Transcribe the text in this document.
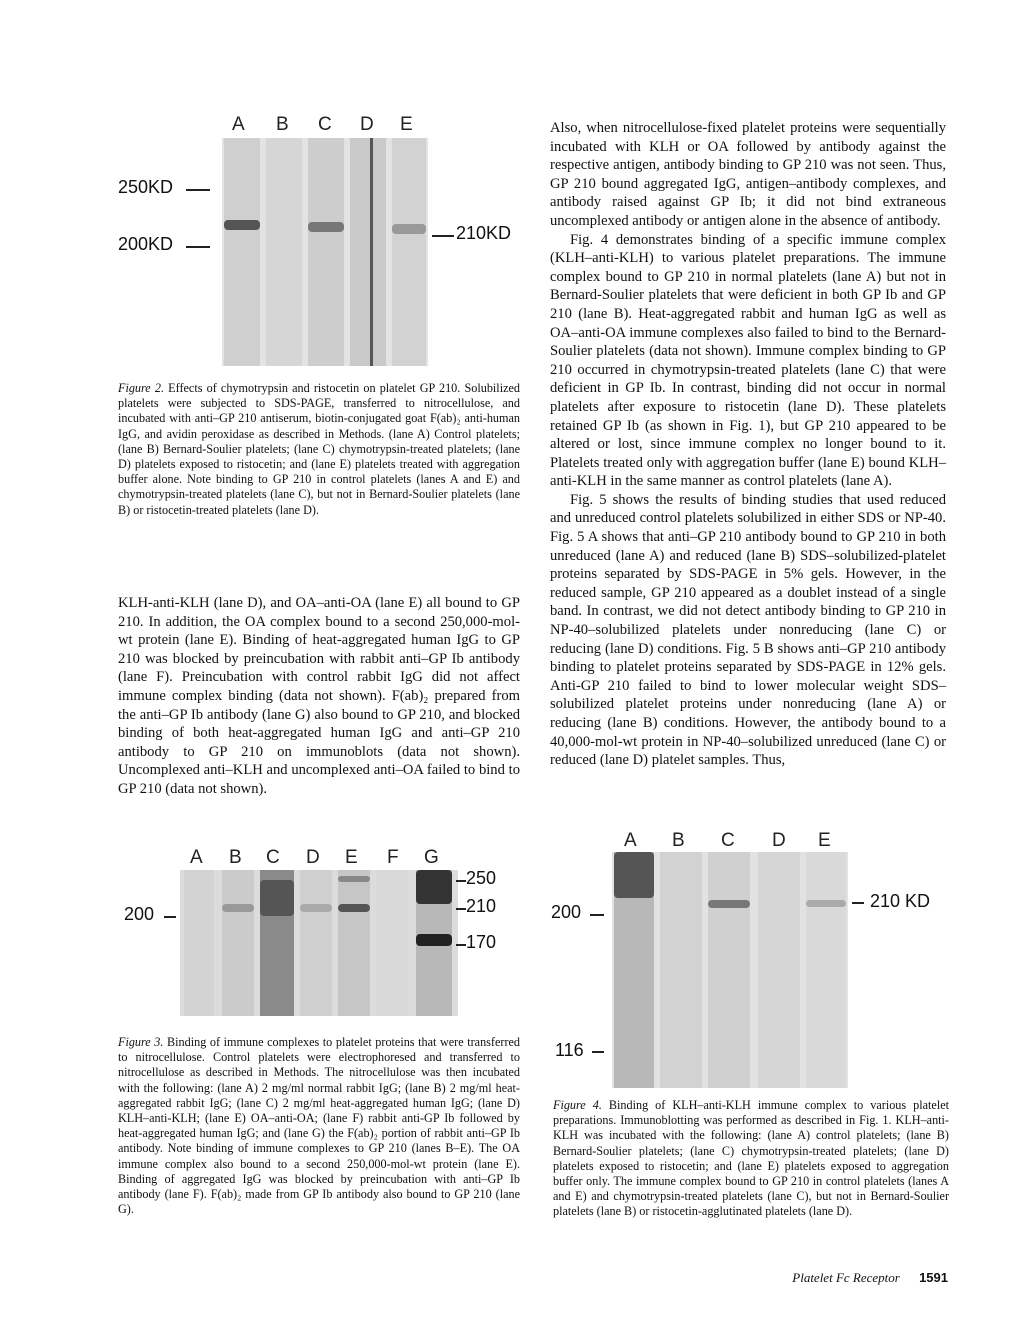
A B C D E
250KD
200KD
210KD
Figure 2. Effects of chymotrypsin and ristocetin on platelet GP 210. Solubilized platelets were subjected to SDS-PAGE, transferred to nitrocellulose, and incubated with anti–GP 210 antiserum, biotin-conjugated goat F(ab)₂ anti-human IgG, and avidin peroxidase as described in Methods. (lane A) Control platelets; (lane B) Bernard-Soulier platelets; (lane C) chymotrypsin-treated platelets; (lane D) platelets exposed to ristocetin; and (lane E) platelets treated with aggregation buffer alone. Note binding to GP 210 in control platelets (lanes A and E) and chymotrypsin-treated platelets (lane C), but not in Bernard-Soulier platelets (lane B) or ristocetin-treated platelets (lane D).

KLH-anti-KLH (lane D), and OA–anti-OA (lane E) all bound to GP 210. In addition, the OA complex bound to a second 250,000-mol-wt protein (lane E). Binding of heat-aggregated human IgG to GP 210 was blocked by preincubation with rabbit anti–GP Ib antibody (lane F). Preincubation with control rabbit IgG did not affect immune complex binding (data not shown). F(ab)₂ prepared from the anti–GP Ib antibody (lane G) also bound to GP 210, and blocked binding of both heat-aggregated human IgG and anti–GP 210 antibody to GP 210 on immunoblots (data not shown). Uncomplexed anti–KLH and uncomplexed anti–OA failed to bind to GP 210 (data not shown).

Also, when nitrocellulose-fixed platelet proteins were sequentially incubated with KLH or OA followed by antibody against the respective antigen, antibody binding to GP 210 was not seen. Thus, GP 210 bound aggregated IgG, antigen–antibody complexes, and antibody raised against GP Ib; it did not bind extraneous uncomplexed antibody or antigen alone in the absence of antibody.

Fig. 4 demonstrates binding of a specific immune complex (KLH–anti-KLH) to various platelet preparations. The immune complex bound to GP 210 in normal platelets (lane A) but not in Bernard-Soulier platelets that were deficient in both GP Ib and GP 210 (lane B). Heat-aggregated rabbit and human IgG as well as OA–anti-OA immune complexes also failed to bind to the Bernard-Soulier platelets (data not shown). Immune complex binding to GP 210 occurred in chymotrypsin-treated platelets (lane C) that were deficient in GP Ib. In contrast, binding did not occur in normal platelets after exposure to ristocetin (lane D). These platelets retained GP Ib (as shown in Fig. 1), but GP 210 appeared to be altered or lost, since immune complex no longer bound to it. Platelets treated only with aggregation buffer (lane E) bound KLH–anti-KLH in the same manner as control platelets (lane A).

Fig. 5 shows the results of binding studies that used reduced and unreduced control platelets solubilized in either SDS or NP-40. Fig. 5 A shows that anti–GP 210 antibody bound to GP 210 in both unreduced (lane A) and reduced (lane B) SDS–solubilized-platelet proteins separated by SDS-PAGE in 5% gels. However, in the reduced sample, GP 210 appeared as a doublet instead of a single band. In contrast, we did not detect antibody binding to GP 210 in NP-40–solubilized platelets under nonreducing (lane C) or reducing (lane D) conditions. Fig. 5 B shows anti–GP 210 antibody binding to platelet proteins separated by SDS-PAGE in 12% gels. Anti-GP 210 failed to bind to lower molecular weight SDS–solubilized platelet proteins under nonreducing (lane A) or reducing (lane B) conditions. However, the antibody bound to a 40,000-mol-wt protein in NP-40–solubilized unreduced (lane C) or reduced (lane D) platelet samples. Thus,

A B C D E F G
200
250
210
170
Figure 3. Binding of immune complexes to platelet proteins that were transferred to nitrocellulose. Control platelets were electrophoresed and transferred to nitrocellulose as described in Methods. The nitrocellulose was then incubated with the following: (lane A) 2 mg/ml normal rabbit IgG; (lane B) 2 mg/ml heat-aggregated rabbit IgG; (lane C) 2 mg/ml heat-aggregated human IgG; (lane D) KLH–anti-KLH; (lane E) OA–anti-OA; (lane F) rabbit anti-GP Ib followed by heat-aggregated human IgG; and (lane G) the F(ab)₂ portion of rabbit anti–GP Ib antibody. Note binding of immune complexes to GP 210 (lanes B–E). The OA immune complex also bound to a second 250,000-mol-wt protein (lane E). Binding of aggregated IgG was blocked by preincubation with anti–GP Ib antibody (lane F). F(ab)₂ made from GP Ib antibody also bound to GP 210 (lane G).
A B C D E
200
116
210 KD
Figure 4. Binding of KLH–anti-KLH immune complex to various platelet preparations. Immunoblotting was performed as described in Fig. 1. KLH–anti-KLH was incubated with the following: (lane A) control platelets; (lane B) Bernard-Soulier platelets; (lane C) chymotrypsin-treated platelets; (lane D) platelets exposed to ristocetin; and (lane E) platelets exposed to aggregation buffer only. The immune complex bound to GP 210 in control platelets (lanes A and E) and chymotrypsin-treated platelets (lane C), but not in Bernard-Soulier platelets (lane B) or ristocetin-agglutinated platelets (lane D).
Platelet Fc Receptor 1591
